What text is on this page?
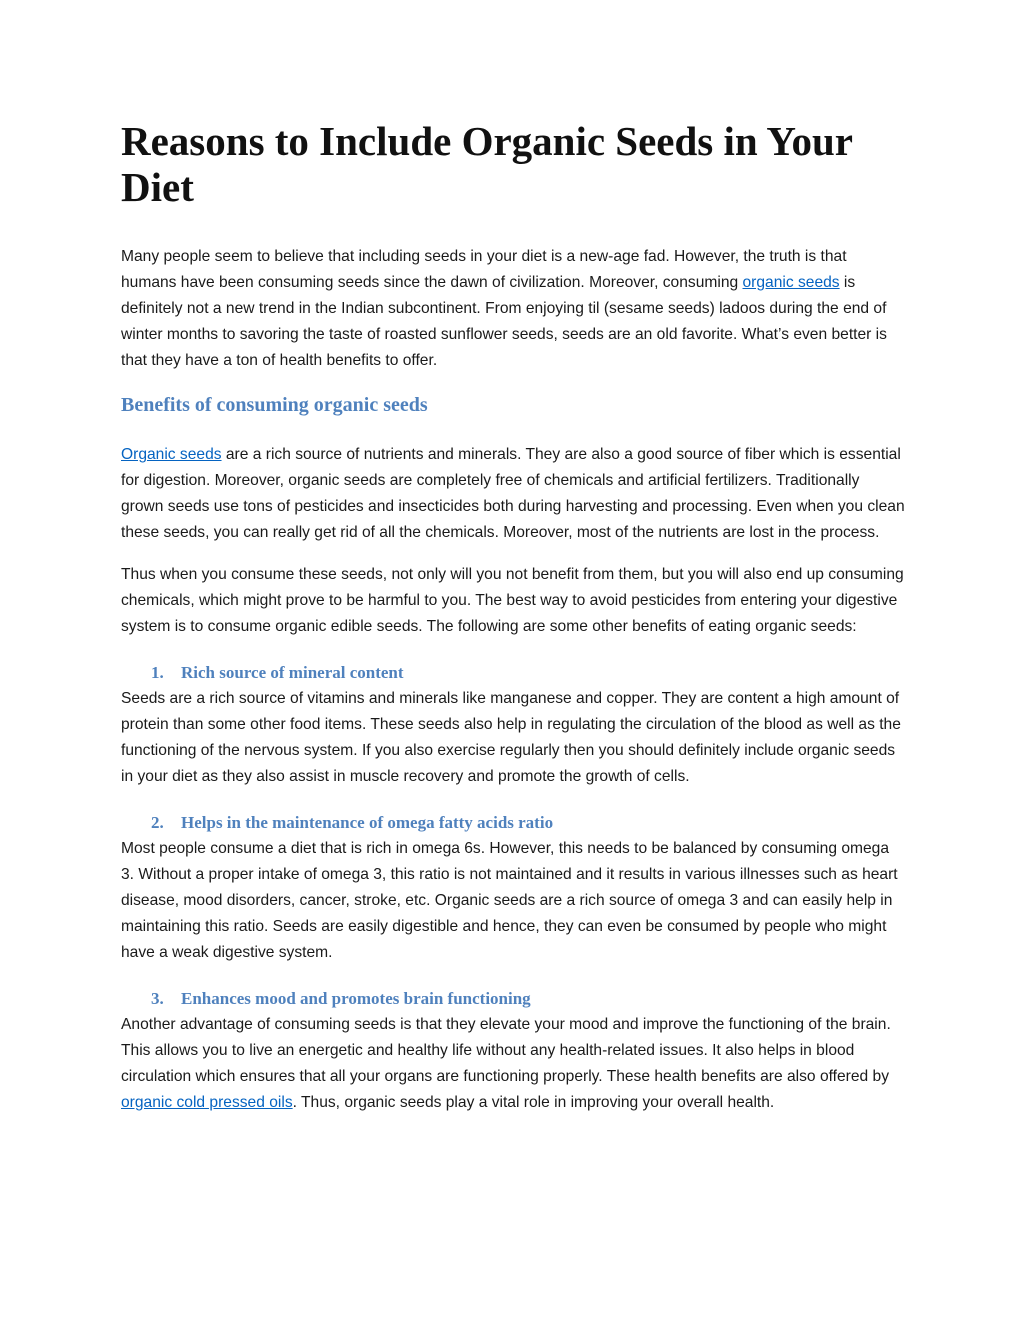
Reasons to Include Organic Seeds in Your Diet

Many people seem to believe that including seeds in your diet is a new-age fad. However, the truth is that humans have been consuming seeds since the dawn of civilization. Moreover, consuming organic seeds is definitely not a new trend in the Indian subcontinent. From enjoying til (sesame seeds) ladoos during the end of winter months to savoring the taste of roasted sunflower seeds, seeds are an old favorite. What’s even better is that they have a ton of health benefits to offer.

Benefits of consuming organic seeds

Organic seeds are a rich source of nutrients and minerals. They are also a good source of fiber which is essential for digestion. Moreover, organic seeds are completely free of chemicals and artificial fertilizers. Traditionally grown seeds use tons of pesticides and insecticides both during harvesting and processing. Even when you clean these seeds, you can really get rid of all the chemicals. Moreover, most of the nutrients are lost in the process.

Thus when you consume these seeds, not only will you not benefit from them, but you will also end up consuming chemicals, which might prove to be harmful to you. The best way to avoid pesticides from entering your digestive system is to consume organic edible seeds. The following are some other benefits of eating organic seeds:

1.	Rich source of mineral content

Seeds are a rich source of vitamins and minerals like manganese and copper. They are content a high amount of protein than some other food items. These seeds also help in regulating the circulation of the blood as well as the functioning of the nervous system. If you also exercise regularly then you should definitely include organic seeds in your diet as they also assist in muscle recovery and promote the growth of cells.

2.	Helps in the maintenance of omega fatty acids ratio

Most people consume a diet that is rich in omega 6s. However, this needs to be balanced by consuming omega 3. Without a proper intake of omega 3, this ratio is not maintained and it results in various illnesses such as heart disease, mood disorders, cancer, stroke, etc. Organic seeds are a rich source of omega 3 and can easily help in maintaining this ratio. Seeds are easily digestible and hence, they can even be consumed by people who might have a weak digestive system.

3.	Enhances mood and promotes brain functioning

Another advantage of consuming seeds is that they elevate your mood and improve the functioning of the brain. This allows you to live an energetic and healthy life without any health-related issues. It also helps in blood circulation which ensures that all your organs are functioning properly. These health benefits are also offered by organic cold pressed oils. Thus, organic seeds play a vital role in improving your overall health.
